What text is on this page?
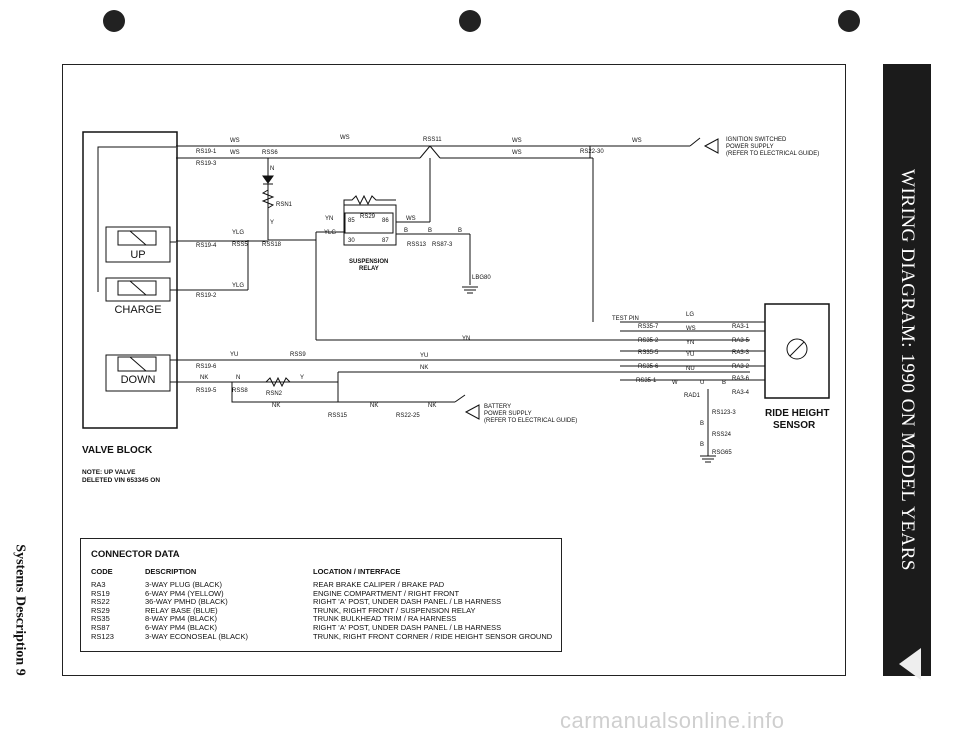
UP
CHARGE
DOWN
VALVE BLOCK
NOTE: UP VALVE
DELETED VIN 653345 ON
85
RS29
86
30	87
SUSPENSION
RELAY
IGNITION SWITCHED
POWER SUPPLY
(REFER TO ELECTRICAL GUIDE)
BATTERY
POWER SUPPLY
(REFER TO ELECTRICAL GUIDE)
RIDE HEIGHT
SENSOR
WS	WS	RSS11	WS	WS
RS19-1 WS	RSS6	WS	RS22-30
RS19-3
N
RSN1
Y
YN	WS
YLG
YLG	B	B	B
RS19-4	RSS5 RSS18	RSS13 RS87-3
LBG80
YLG
RS19-2
YN
YU	RSS9	YU
RS19-6	NK
NK	N	Y
RS19-5	RSS8	RSN2
NK	NK	NK
RSS15	RS22-25
TEST PIN
LG
RS35-7	WS	RA3-1
RS35-2	YN	RA3-5
RS35-5	YU	RA3-3
RS35-6	NU	RA3-2
RS35-1	W	U	B
RA3-6
RA3-4
RAD1
RS123-3
B
RSS24
B
RSG65
CONNECTOR DATA
CODE	DESCRIPTION	LOCATION / INTERFACE
RA3	3-WAY PLUG (BLACK)	REAR BRAKE CALIPER / BRAKE PAD
RS19	6-WAY PM4 (YELLOW)	ENGINE COMPARTMENT / RIGHT FRONT
RS22	36-WAY PMHD (BLACK)	RIGHT 'A' POST, UNDER DASH PANEL / LB HARNESS
RS29	RELAY BASE (BLUE)	TRUNK, RIGHT FRONT / SUSPENSION RELAY
RS35	8-WAY PM4 (BLACK)	TRUNK BULKHEAD TRIM / RA HARNESS
RS87	6-WAY PM4 (BLACK)	RIGHT 'A' POST, UNDER DASH PANEL / LB HARNESS
RS123	3-WAY ECONOSEAL (BLACK)	TRUNK, RIGHT FRONT CORNER / RIDE HEIGHT SENSOR GROUND
WIRING DIAGRAM: 1990 ON MODEL YEARS
Systems Description 9
carmanualsonline.info
